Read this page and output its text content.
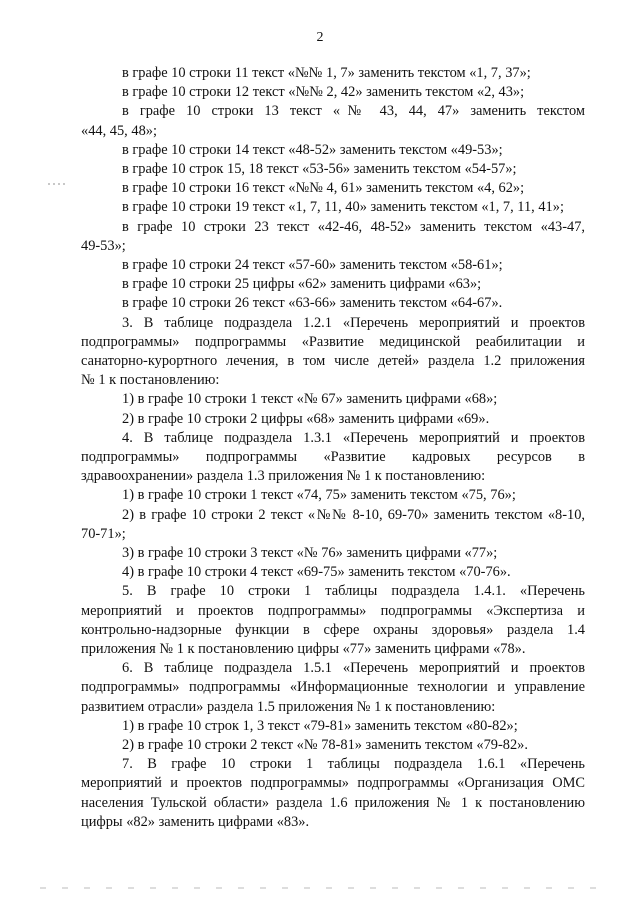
2
в графе 10 строки 11 текст «№№ 1, 7» заменить текстом «1, 7, 37»;
в графе 10 строки 12 текст «№№ 2, 42» заменить текстом «2, 43»;
в графе 10 строки 13 текст «№ 43, 44, 47» заменить текстом
«44, 45, 48»;
в графе 10 строки 14 текст «48-52» заменить текстом «49-53»;
в графе 10 строк 15, 18 текст «53-56» заменить текстом «54-57»;
в графе 10 строки 16 текст «№№ 4, 61» заменить текстом «4, 62»;
в графе 10 строки 19 текст «1, 7, 11, 40» заменить текстом «1, 7, 11, 41»;
в графе 10 строки 23 текст «42-46, 48-52» заменить текстом «43-47,
49-53»;
в графе 10 строки 24 текст «57-60» заменить текстом «58-61»;
в графе 10 строки 25 цифры «62» заменить цифрами «63»;
в графе 10 строки 26 текст «63-66» заменить текстом «64-67».
3. В таблице подраздела 1.2.1 «Перечень мероприятий и проектов
подпрограммы» подпрограммы «Развитие медицинской реабилитации и
санаторно-курортного лечения, в том числе детей» раздела 1.2 приложения
№ 1 к постановлению:
1) в графе 10 строки 1 текст «№ 67» заменить цифрами «68»;
2) в графе 10 строки 2 цифры «68» заменить цифрами «69».
4. В таблице подраздела 1.3.1 «Перечень мероприятий и проектов
подпрограммы» подпрограммы «Развитие кадровых ресурсов в
здравоохранении» раздела 1.3 приложения № 1 к постановлению:
1) в графе 10 строки 1 текст «74, 75» заменить текстом «75, 76»;
2) в графе 10 строки 2 текст «№№ 8-10, 69-70» заменить текстом «8-10,
70-71»;
3) в графе 10 строки 3 текст «№ 76» заменить цифрами «77»;
4) в графе 10 строки 4 текст «69-75» заменить текстом «70-76».
5. В графе 10 строки 1 таблицы подраздела 1.4.1. «Перечень
мероприятий и проектов подпрограммы» подпрограммы «Экспертиза и
контрольно-надзорные функции в сфере охраны здоровья» раздела 1.4
приложения № 1 к постановлению цифры «77» заменить цифрами «78».
6. В таблице подраздела 1.5.1 «Перечень мероприятий и проектов
подпрограммы» подпрограммы «Информационные технологии и управление
развитием отрасли» раздела 1.5 приложения № 1 к постановлению:
1) в графе 10 строк 1, 3 текст «79-81» заменить текстом «80-82»;
2) в графе 10 строки 2 текст «№ 78-81» заменить текстом «79-82».
7. В графе 10 строки 1 таблицы подраздела 1.6.1 «Перечень
мероприятий и проектов подпрограммы» подпрограммы «Организация ОМС
населения Тульской области» раздела 1.6 приложения № 1 к постановлению
цифры «82» заменить цифрами «83».
